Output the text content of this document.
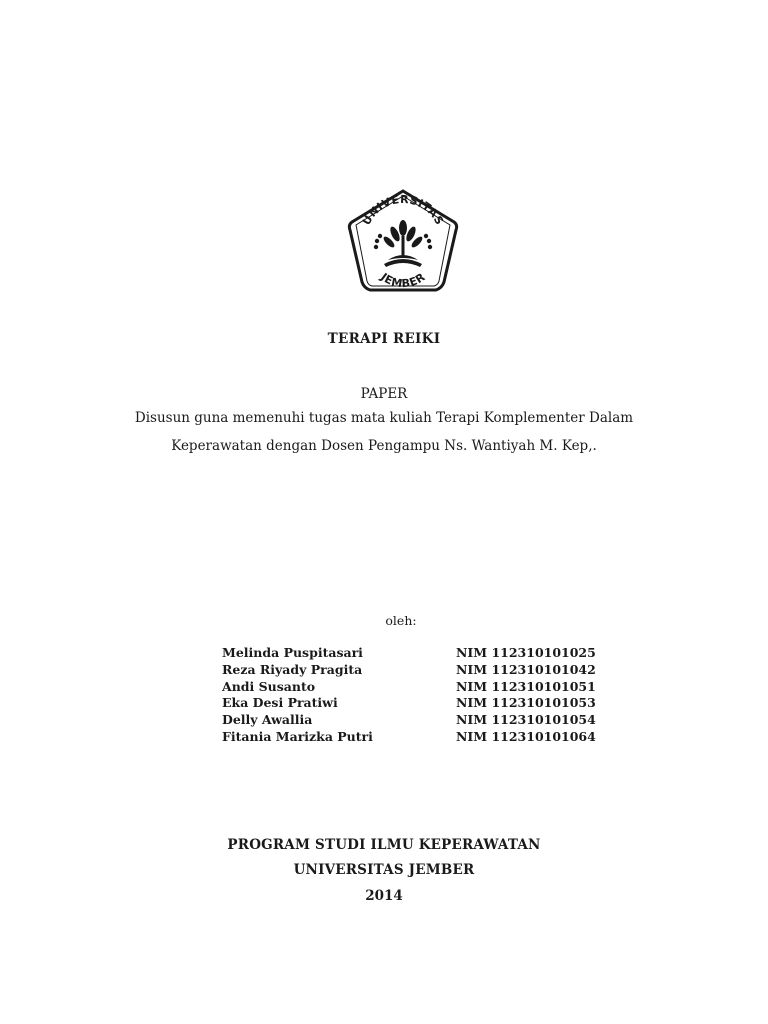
UNIVERSITAS
JEMBER
TERAPI REIKI
PAPER
Disusun guna memenuhi tugas mata kuliah Terapi Komplementer Dalam
Keperawatan dengan Dosen Pengampu Ns. Wantiyah M. Kep,.
oleh:
Melinda Puspitasari	NIM 112310101025
Reza Riyady Pragita	NIM 112310101042
Andi Susanto	NIM 112310101051
Eka Desi Pratiwi	NIM 112310101053
Delly Awallia	NIM 112310101054
Fitania Marizka Putri	NIM 112310101064
PROGRAM STUDI ILMU KEPERAWATAN
UNIVERSITAS JEMBER
2014
